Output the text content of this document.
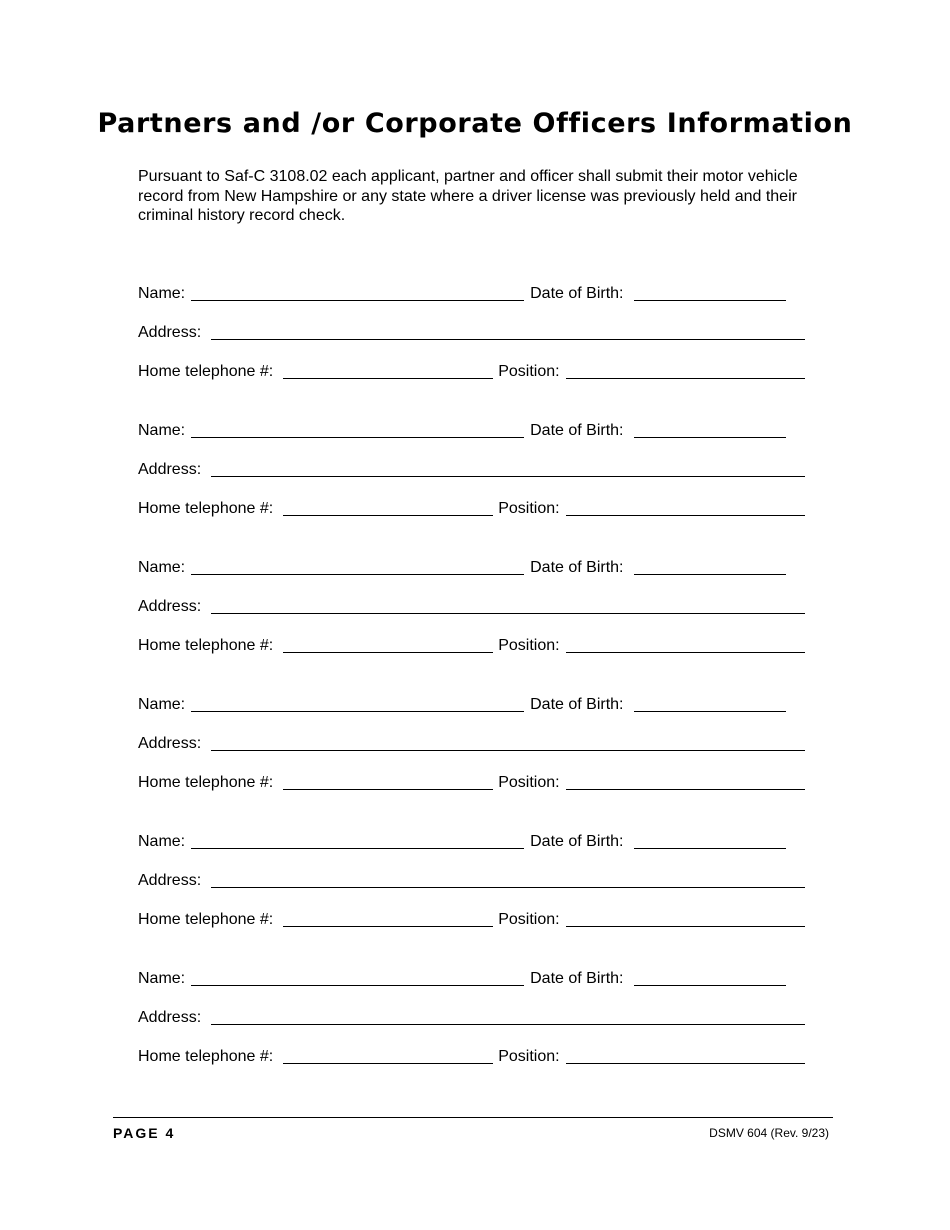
Partners and /or Corporate Officers Information

Pursuant to Saf-C 3108.02 each applicant, partner and officer shall submit their motor vehicle record from New Hampshire or any state where a driver license was previously held and their criminal history record check.

Name:	Date of Birth:
Address:
Home telephone #:	Position:
Name:	Date of Birth:
Address:
Home telephone #:	Position:
Name:	Date of Birth:
Address:
Home telephone #:	Position:
Name:	Date of Birth:
Address:
Home telephone #:	Position:
Name:	Date of Birth:
Address:
Home telephone #:	Position:
Name:	Date of Birth:
Address:
Home telephone #:	Position:
PAGE 4	DSMV 604 (Rev. 9/23)
